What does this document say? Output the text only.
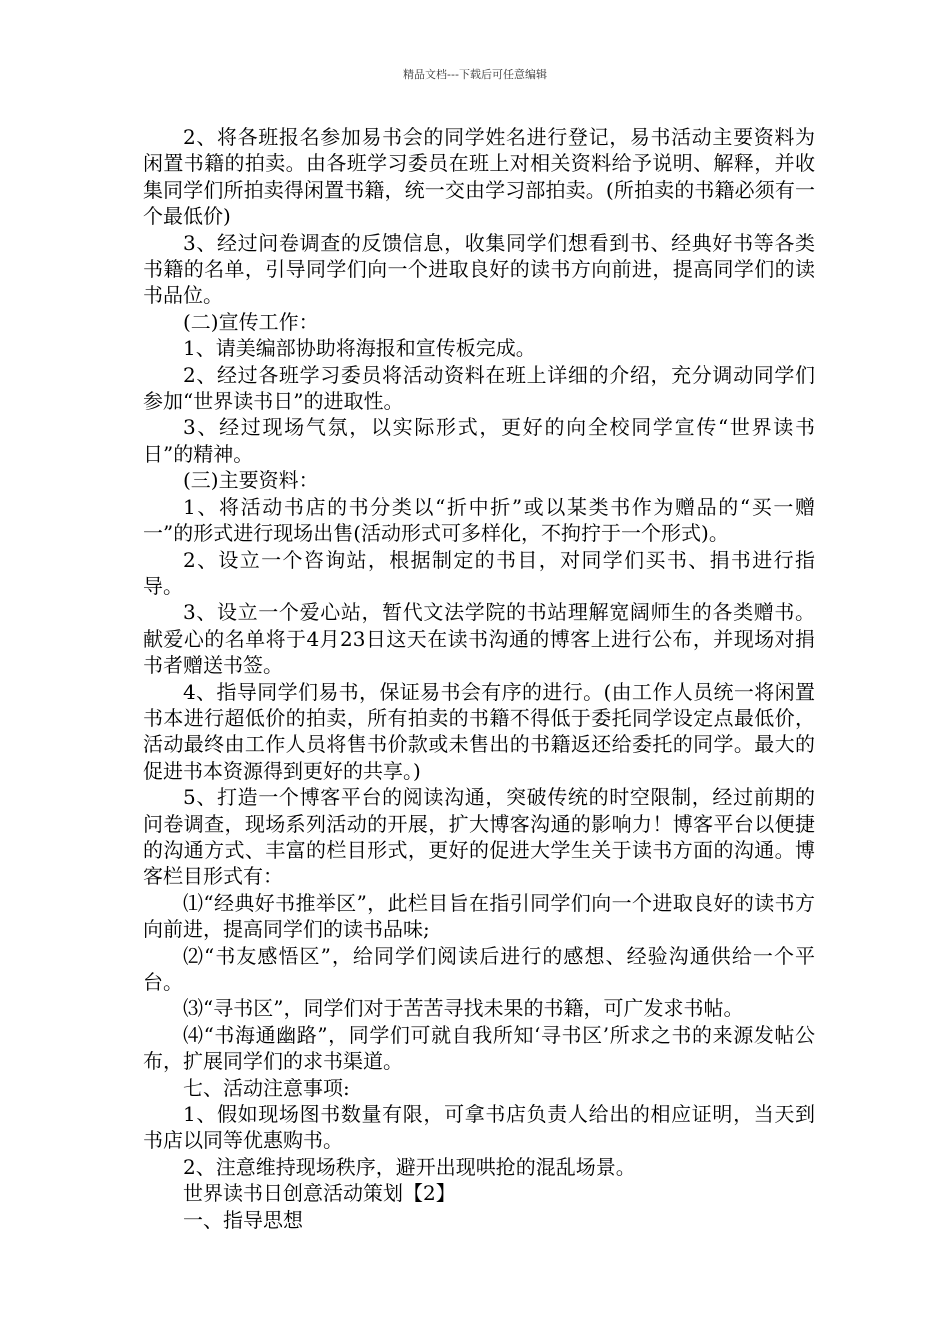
精品文档---下载后可任意编辑

2、将各班报名参加易书会的同学姓名进行登记，易书活动主要资料为闲置书籍的拍卖。由各班学习委员在班上对相关资料给予说明、解释，并收集同学们所拍卖得闲置书籍，统一交由学习部拍卖。(所拍卖的书籍必须有一个最低价)

3、经过问卷调查的反馈信息，收集同学们想看到书、经典好书等各类书籍的名单，引导同学们向一个进取良好的读书方向前进，提高同学们的读书品位。

(二)宣传工作：

1、请美编部协助将海报和宣传板完成。

2、经过各班学习委员将活动资料在班上详细的介绍，充分调动同学们参加“世界读书日”的进取性。

3、经过现场气氛，以实际形式，更好的向全校同学宣传“世界读书日”的精神。

(三)主要资料：

1、将活动书店的书分类以“折中折”或以某类书作为赠品的“买一赠一”的形式进行现场出售(活动形式可多样化，不拘拧于一个形式)。

2、设立一个咨询站，根据制定的书目，对同学们买书、捐书进行指导。

3、设立一个爱心站，暂代文法学院的书站理解宽阔师生的各类赠书。献爱心的名单将于4月23日这天在读书沟通的博客上进行公布，并现场对捐书者赠送书签。

4、指导同学们易书，保证易书会有序的进行。(由工作人员统一将闲置书本进行超低价的拍卖，所有拍卖的书籍不得低于委托同学设定点最低价，活动最终由工作人员将售书价款或未售出的书籍返还给委托的同学。最大的促进书本资源得到更好的共享。)

5、打造一个博客平台的阅读沟通，突破传统的时空限制，经过前期的问卷调查，现场系列活动的开展，扩大博客沟通的影响力！博客平台以便捷的沟通方式、丰富的栏目形式，更好的促进大学生关于读书方面的沟通。博客栏目形式有：

⑴“经典好书推举区”，此栏目旨在指引同学们向一个进取良好的读书方向前进，提高同学们的读书品味;

⑵“书友感悟区”，给同学们阅读后进行的感想、经验沟通供给一个平台。

⑶“寻书区”，同学们对于苦苦寻找未果的书籍，可广发求书帖。

⑷“书海通幽路”，同学们可就自我所知‘寻书区’所求之书的来源发帖公布，扩展同学们的求书渠道。

七、活动注意事项:

1、假如现场图书数量有限，可拿书店负责人给出的相应证明，当天到书店以同等优惠购书。

2、注意维持现场秩序，避开出现哄抢的混乱场景。

世界读书日创意活动策划【2】

一、指导思想
